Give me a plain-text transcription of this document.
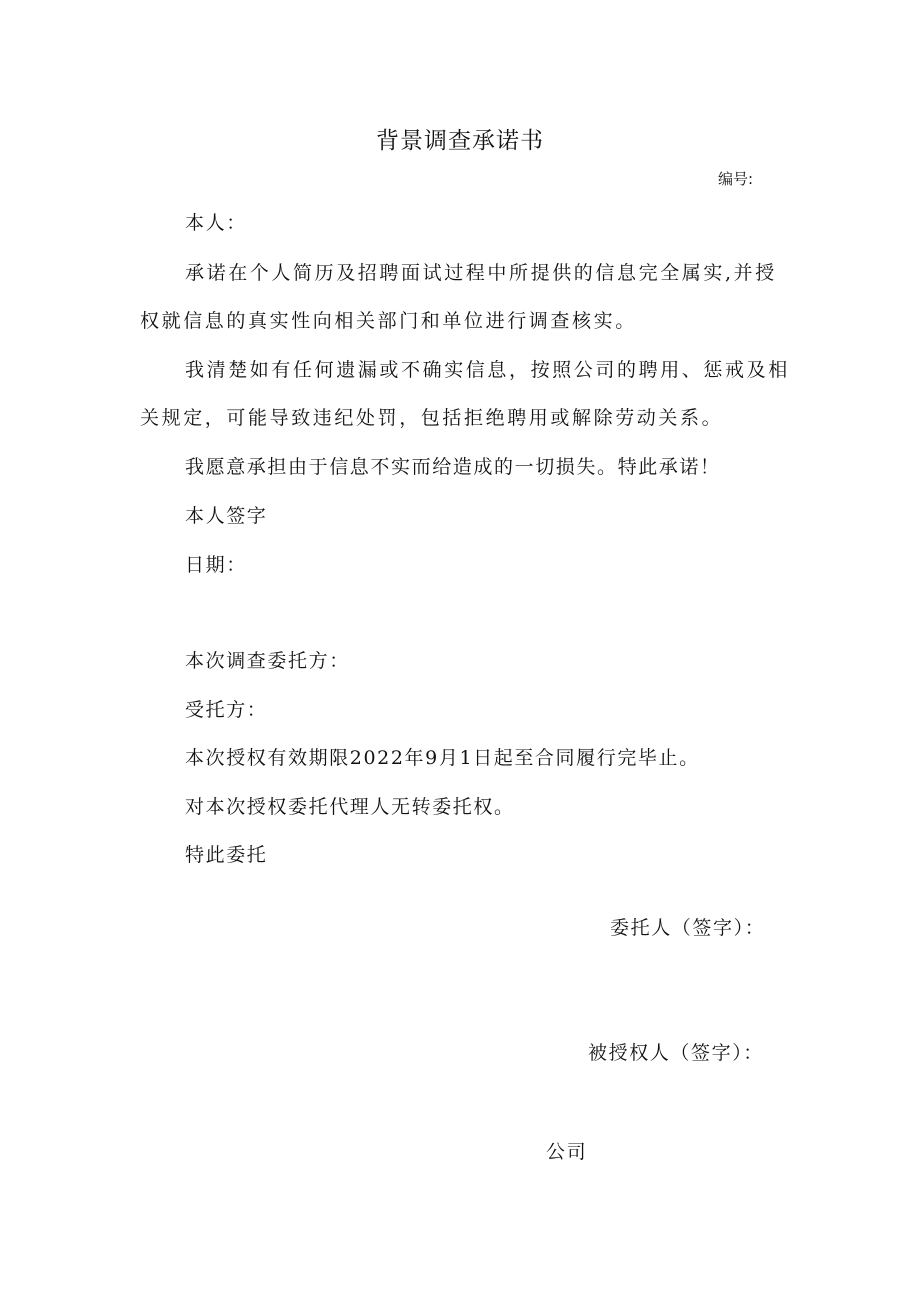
背景调查承诺书
编号:
本人：
承诺在个人简历及招聘面试过程中所提供的信息完全属实,并授
权就信息的真实性向相关部门和单位进行调查核实。
我清楚如有任何遗漏或不确实信息，按照公司的聘用、惩戒及相
关规定，可能导致违纪处罚，包括拒绝聘用或解除劳动关系。
我愿意承担由于信息不实而给造成的一切损失。特此承诺！
本人签字
日期：
本次调查委托方：
受托方：
本次授权有效期限2022年9月1日起至合同履行完毕止。
对本次授权委托代理人无转委托权。
特此委托
委托人（签字）：
被授权人（签字）：
公司
